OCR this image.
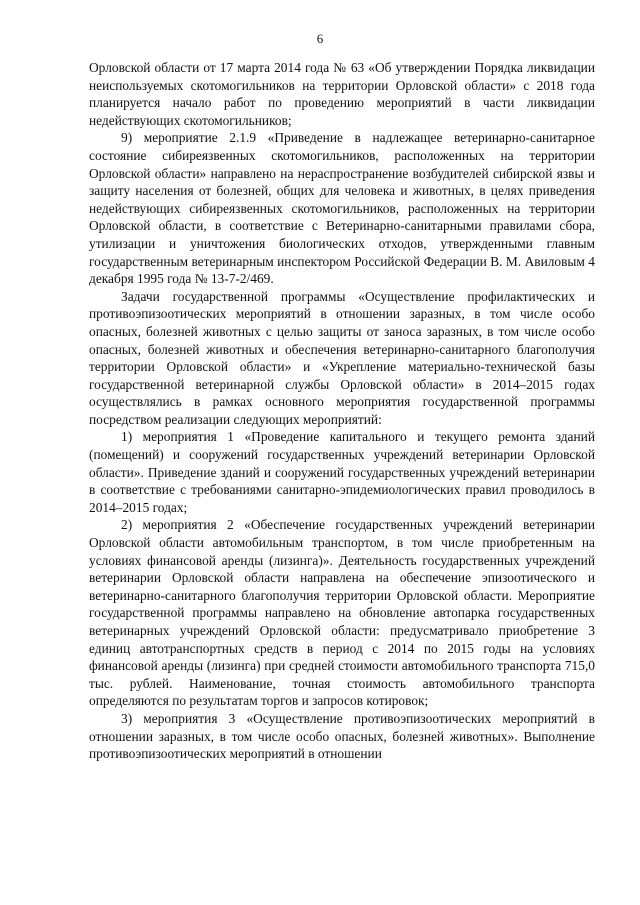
6

Орловской области от 17 марта 2014 года № 63 «Об утверждении Порядка ликвидации неиспользуемых скотомогильников на территории Орловской области» с 2018 года планируется начало работ по проведению мероприятий в части ликвидации недействующих скотомогильников;

9) мероприятие 2.1.9 «Приведение в надлежащее ветеринарно-санитарное состояние сибиреязвенных скотомогильников, расположенных на территории Орловской области» направлено на нераспространение возбудителей сибирской язвы и защиту населения от болезней, общих для человека и животных, в целях приведения недействующих сибиреязвенных скотомогильников, расположенных на территории Орловской области, в соответствие с Ветеринарно-санитарными правилами сбора, утилизации и уничтожения биологических отходов, утвержденными главным государственным ветеринарным инспектором Российской Федерации В. М. Авиловым 4 декабря 1995 года № 13-7-2/469.

Задачи государственной программы «Осуществление профилактических и противоэпизоотических мероприятий в отношении заразных, в том числе особо опасных, болезней животных с целью защиты от заноса заразных, в том числе особо опасных, болезней животных и обеспечения ветеринарно-санитарного благополучия территории Орловской области» и «Укрепление материально-технической базы государственной ветеринарной службы Орловской области» в 2014–2015 годах осуществлялись в рамках основного мероприятия государственной программы посредством реализации следующих мероприятий:

1) мероприятия 1 «Проведение капитального и текущего ремонта зданий (помещений) и сооружений государственных учреждений ветеринарии Орловской области». Приведение зданий и сооружений государственных учреждений ветеринарии в соответствие с требованиями санитарно-эпидемиологических правил проводилось в 2014–2015 годах;

2) мероприятия 2 «Обеспечение государственных учреждений ветеринарии Орловской области автомобильным транспортом, в том числе приобретенным на условиях финансовой аренды (лизинга)». Деятельность государственных учреждений ветеринарии Орловской области направлена на обеспечение эпизоотического и ветеринарно-санитарного благополучия территории Орловской области. Мероприятие государственной программы направлено на обновление автопарка государственных ветеринарных учреждений Орловской области: предусматривало приобретение 3 единиц автотранспортных средств в период с 2014 по 2015 годы на условиях финансовой аренды (лизинга) при средней стоимости автомобильного транспорта 715,0 тыс. рублей. Наименование, точная стоимость автомобильного транспорта определяются по результатам торгов и запросов котировок;

3) мероприятия 3 «Осуществление противоэпизоотических мероприятий в отношении заразных, в том числе особо опасных, болезней животных». Выполнение противоэпизоотических мероприятий в отношении
